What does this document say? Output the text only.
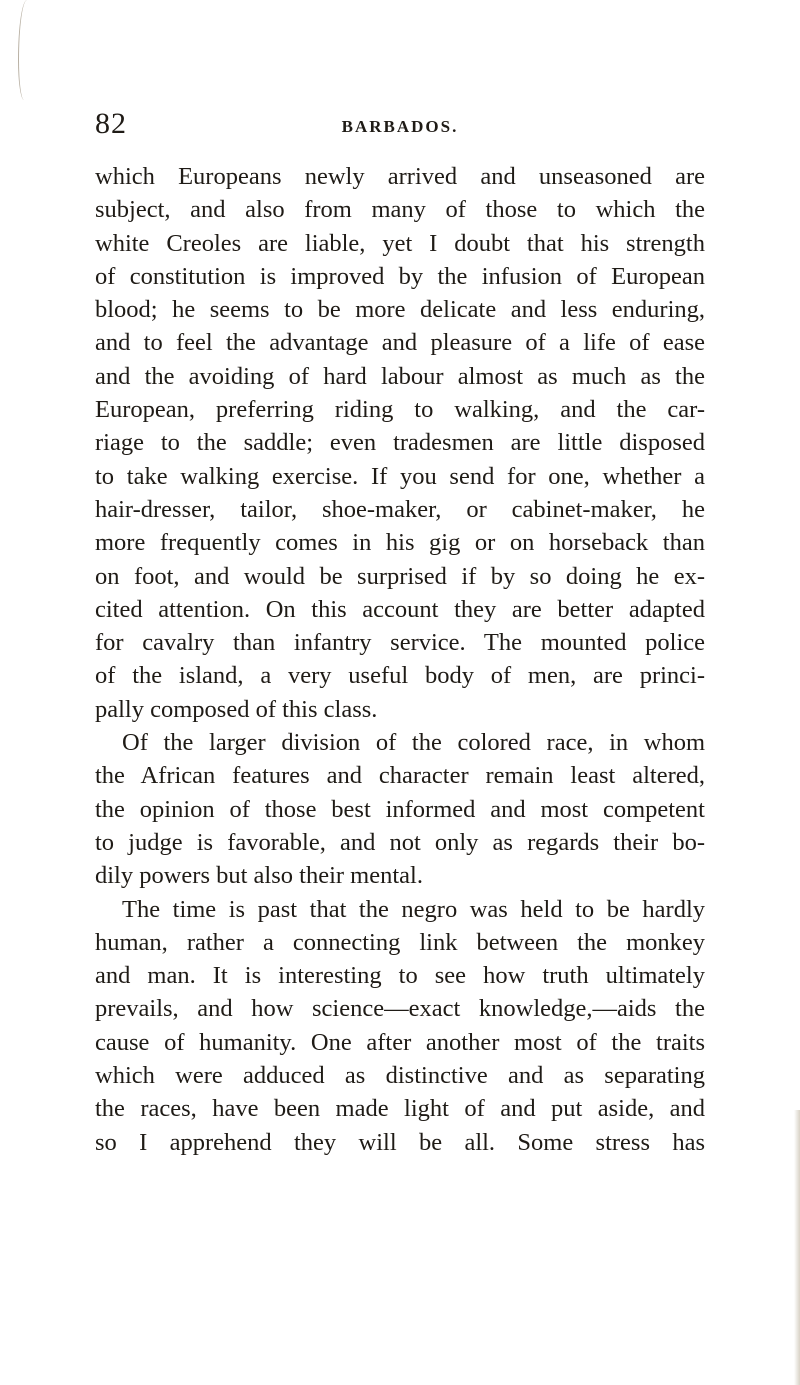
82	BARBADOS.
which Europeans newly arrived and unseasoned are
subject, and also from many of those to which the
white Creoles are liable, yet I doubt that his strength
of constitution is improved by the infusion of European
blood; he seems to be more delicate and less enduring,
and to feel the advantage and pleasure of a life of ease
and the avoiding of hard labour almost as much as the
European, preferring riding to walking, and the car-
riage to the saddle; even tradesmen are little disposed
to take walking exercise. If you send for one, whether a
hair-dresser, tailor, shoe-maker, or cabinet-maker, he
more frequently comes in his gig or on horseback than
on foot, and would be surprised if by so doing he ex-
cited attention. On this account they are better adapted
for cavalry than infantry service. The mounted police
of the island, a very useful body of men, are princi-
pally composed of this class.
Of the larger division of the colored race, in whom
the African features and character remain least altered,
the opinion of those best informed and most competent
to judge is favorable, and not only as regards their bo-
dily powers but also their mental.
The time is past that the negro was held to be hardly
human, rather a connecting link between the monkey
and man. It is interesting to see how truth ultimately
prevails, and how science—exact knowledge,—aids the
cause of humanity. One after another most of the traits
which were adduced as distinctive and as separating
the races, have been made light of and put aside, and
so I apprehend they will be all. Some stress has
